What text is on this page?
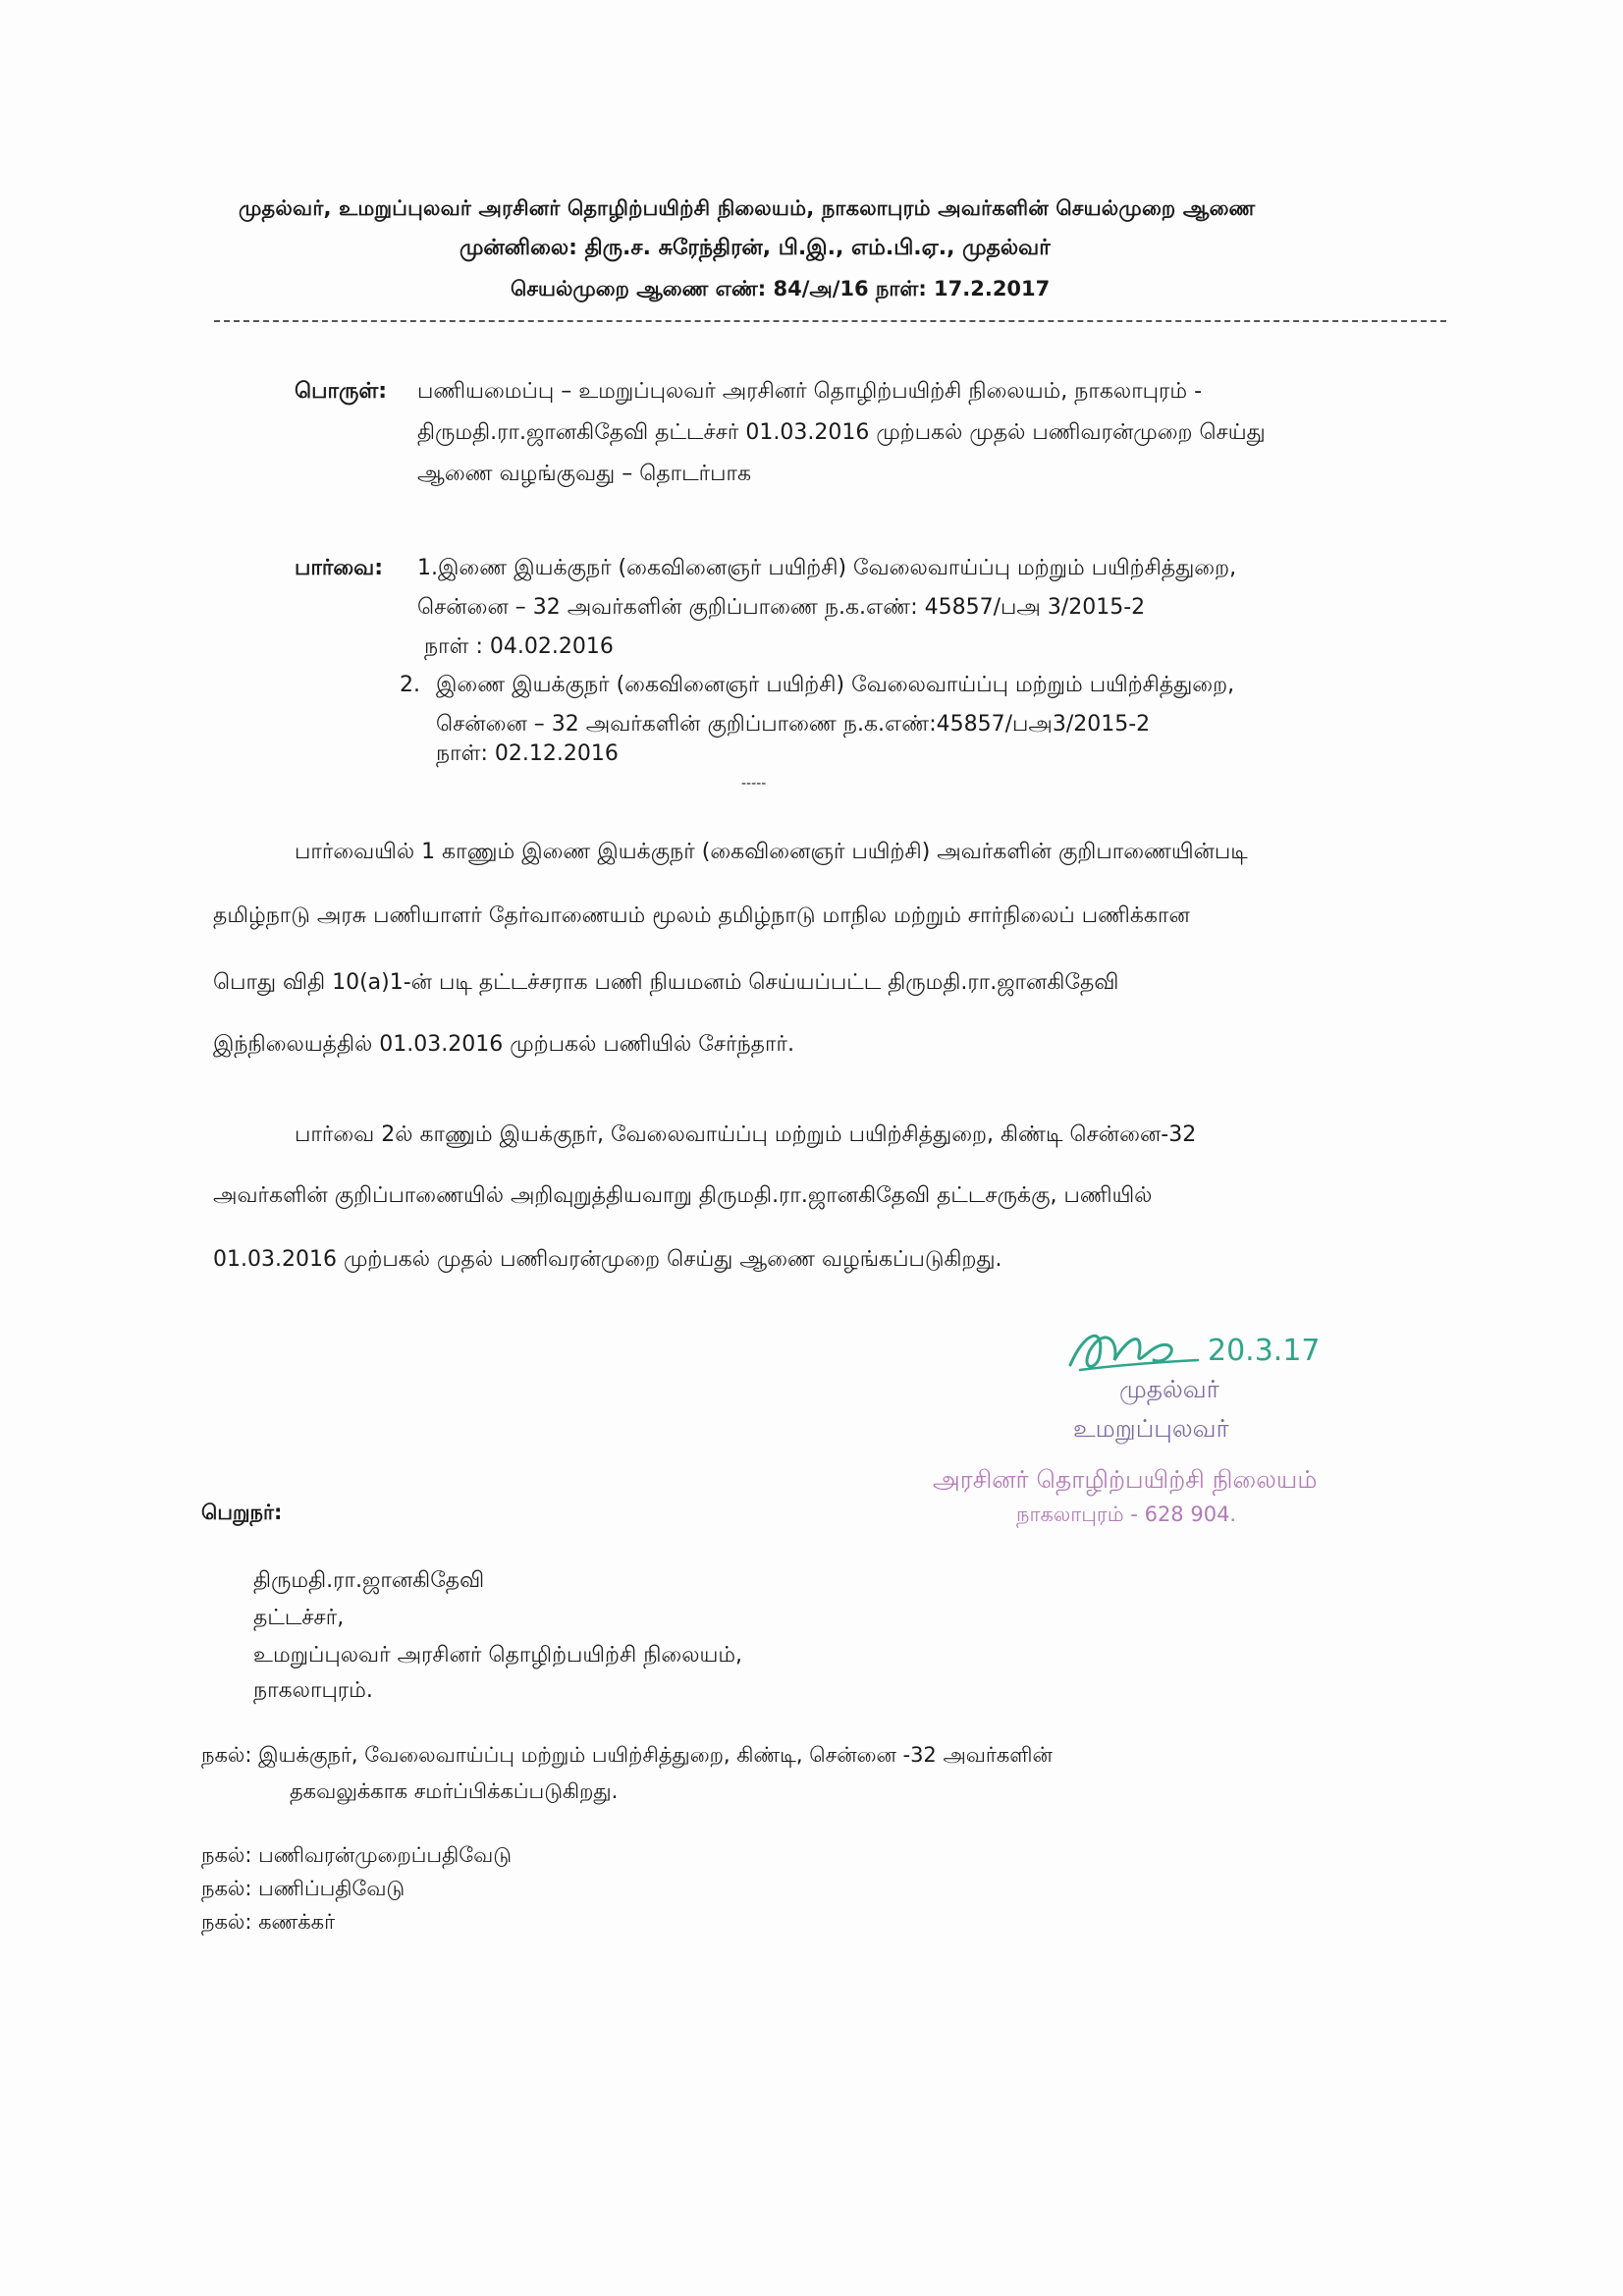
முதல்வர், உமறுப்புலவர் அரசினர் தொழிற்பயிற்சி நிலையம், நாகலாபுரம் அவர்களின் செயல்முறை ஆணை
முன்னிலை: திரு.ச. சுரேந்திரன், பி.இ., எம்.பி.ஏ., முதல்வர்
செயல்முறை ஆணை எண்: 84/அ/16 நாள்: 17.2.2017
பொருள்: பணியமைப்பு – உமறுப்புலவர் அரசினர் தொழிற்பயிற்சி நிலையம், நாகலாபுரம் -
திருமதி.ரா.ஜானகிதேவி தட்டச்சர் 01.03.2016 முற்பகல் முதல் பணிவரன்முறை செய்து
ஆணை வழங்குவது – தொடர்பாக
பார்வை: 1.இணை இயக்குநர் (கைவினைஞர் பயிற்சி) வேலைவாய்ப்பு மற்றும் பயிற்சித்துறை,
சென்னை – 32 அவர்களின் குறிப்பாணை ந.க.எண்: 45857/பஅ 3/2015-2
நாள் : 04.02.2016
2. இணை இயக்குநர் (கைவினைஞர் பயிற்சி) வேலைவாய்ப்பு மற்றும் பயிற்சித்துறை,
சென்னை – 32 அவர்களின் குறிப்பாணை ந.க.எண்:45857/பஅ3/2015-2
நாள்: 02.12.2016
-----
பார்வையில் 1 காணும் இணை இயக்குநர் (கைவினைஞர் பயிற்சி) அவர்களின் குறிபாணையின்படி
தமிழ்நாடு அரசு பணியாளர் தேர்வாணையம் மூலம் தமிழ்நாடு மாநில மற்றும் சார்நிலைப் பணிக்கான
பொது விதி 10(a)1-ன் படி தட்டச்சராக பணி நியமனம் செய்யப்பட்ட திருமதி.ரா.ஜானகிதேவி
இந்நிலையத்தில் 01.03.2016 முற்பகல் பணியில் சேர்ந்தார்.
பார்வை 2ல் காணும் இயக்குநர், வேலைவாய்ப்பு மற்றும் பயிற்சித்துறை, கிண்டி சென்னை-32
அவர்களின் குறிப்பாணையில் அறிவுறுத்தியவாறு திருமதி.ரா.ஜானகிதேவி தட்டசருக்கு, பணியில்
01.03.2016 முற்பகல் முதல் பணிவரன்முறை செய்து ஆணை வழங்கப்படுகிறது.
20.3.17
முதல்வர்
உமறுப்புலவர்
அரசினர் தொழிற்பயிற்சி நிலையம்
நாகலாபுரம் - 628 904.
பெறுநர்:
திருமதி.ரா.ஜானகிதேவி
தட்டச்சர்,
உமறுப்புலவர் அரசினர் தொழிற்பயிற்சி நிலையம்,
நாகலாபுரம்.
நகல்: இயக்குநர், வேலைவாய்ப்பு மற்றும் பயிற்சித்துறை, கிண்டி, சென்னை -32 அவர்களின்
தகவலுக்காக சமர்ப்பிக்கப்படுகிறது.
நகல்: பணிவரன்முறைப்பதிவேடு
நகல்: பணிப்பதிவேடு
நகல்: கணக்கர்
